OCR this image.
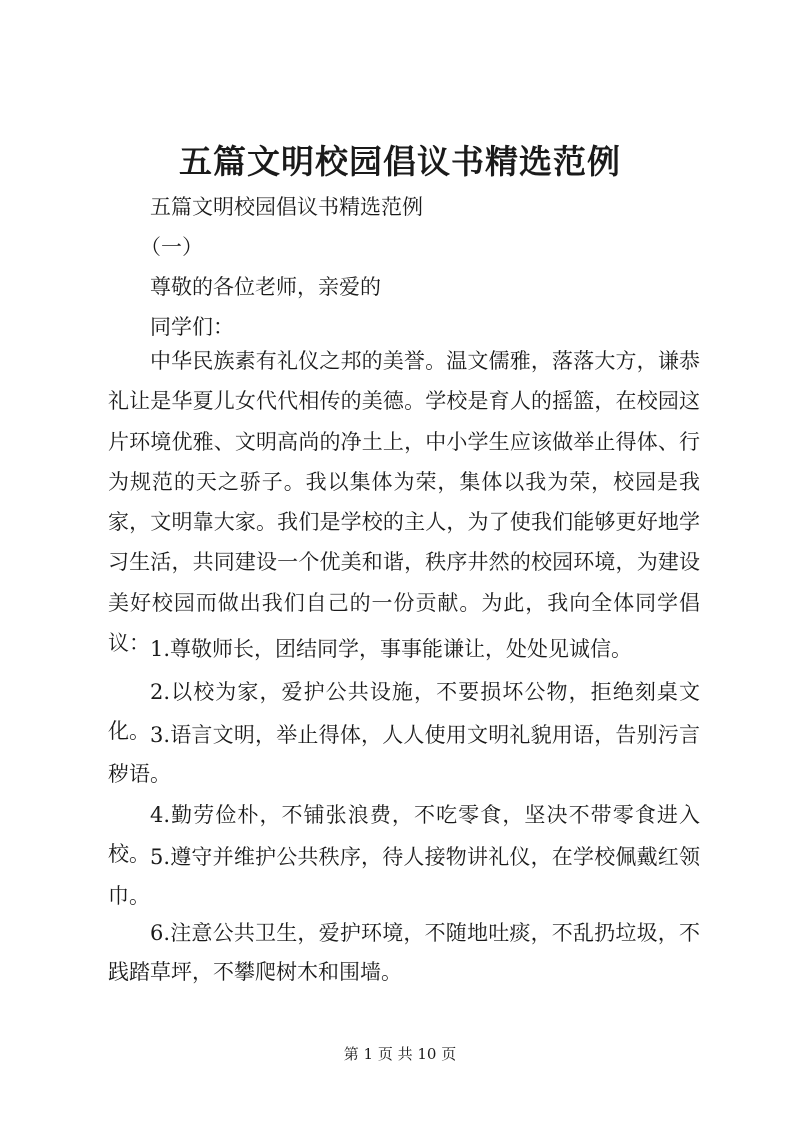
五篇文明校园倡议书精选范例
五篇文明校园倡议书精选范例
（一）
尊敬的各位老师，亲爱的
同学们：

中华民族素有礼仪之邦的美誉。温文儒雅，落落大方，谦恭礼让是华夏儿女代代相传的美德。学校是育人的摇篮，在校园这片环境优雅、文明高尚的净土上，中小学生应该做举止得体、行为规范的天之骄子。我以集体为荣，集体以我为荣，校园是我家，文明靠大家。我们是学校的主人，为了使我们能够更好地学习生活，共同建设一个优美和谐，秩序井然的校园环境，为建设美好校园而做出我们自己的一份贡献。为此，我向全体同学倡议： 1.尊敬师长，团结同学，事事能谦让，处处见诚信。

2.以校为家，爱护公共设施，不要损坏公物，拒绝刻桌文化。 3.语言文明，举止得体，人人使用文明礼貌用语，告别污言秽语。

4.勤劳俭朴，不铺张浪费，不吃零食，坚决不带零食进入校。 5.遵守并维护公共秩序，待人接物讲礼仪，在学校佩戴红领巾。

6.注意公共卫生，爱护环境，不随地吐痰，不乱扔垃圾，不践踏草坪，不攀爬树木和围墙。

第 1 页 共 10 页
